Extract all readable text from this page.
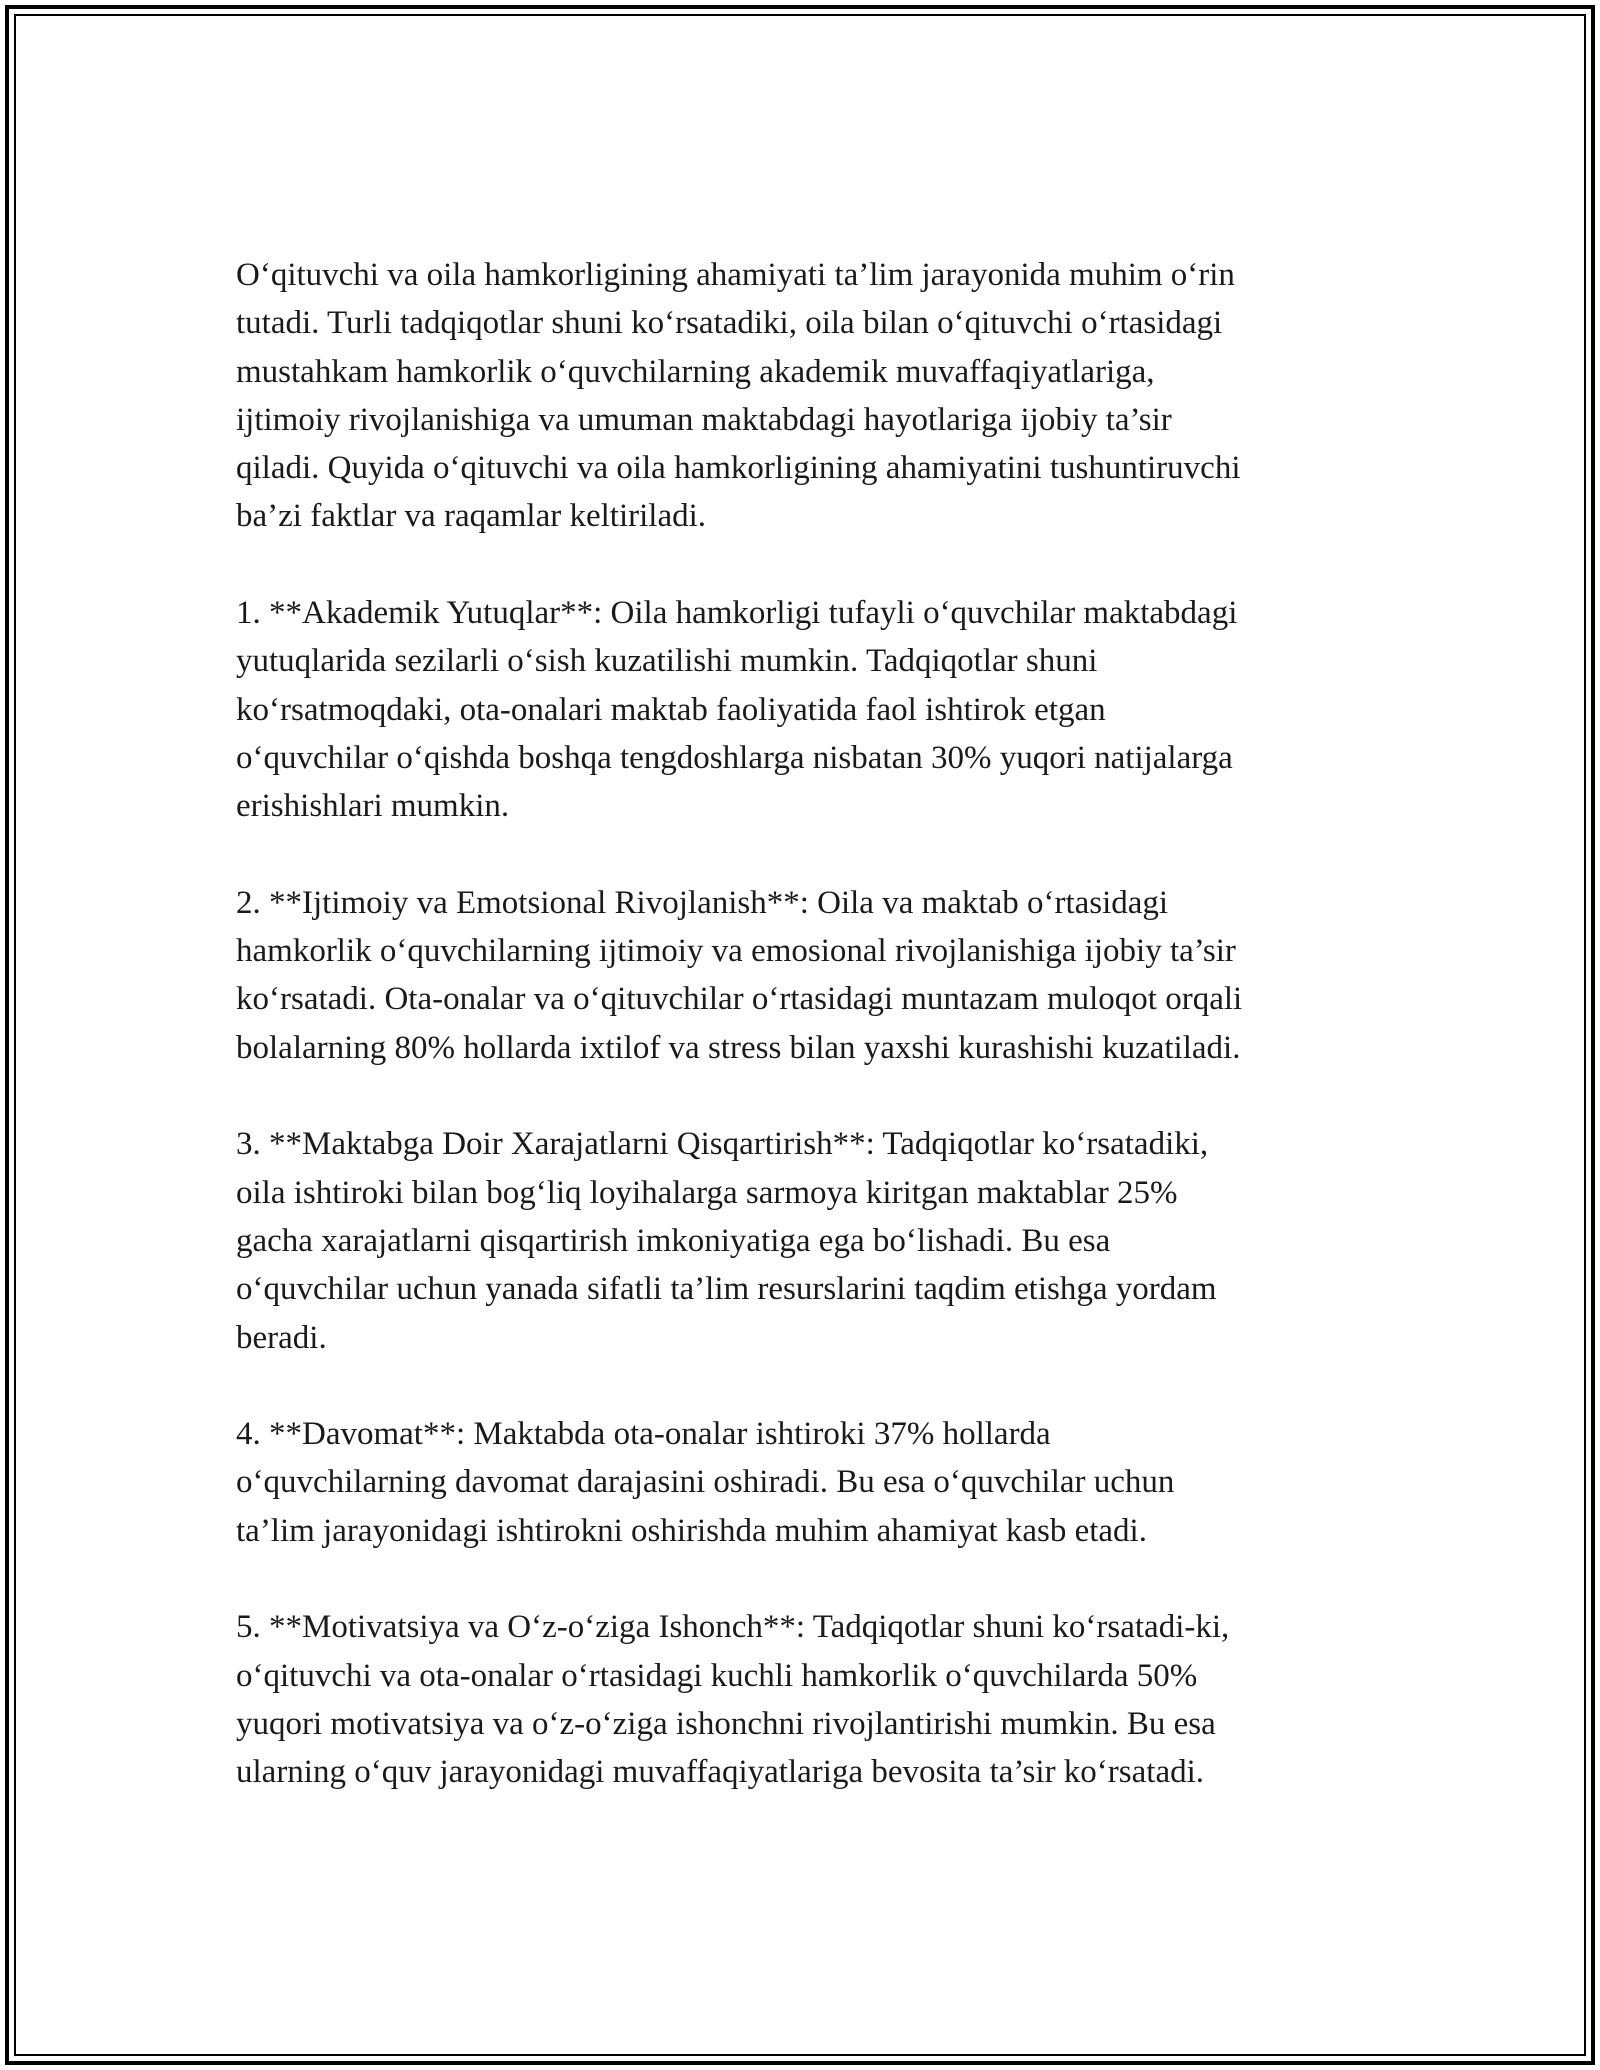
O‘qituvchi va oila hamkorligining ahamiyati ta’lim jarayonida muhim o‘rin
tutadi. Turli tadqiqotlar shuni ko‘rsatadiki, oila bilan o‘qituvchi o‘rtasidagi
mustahkam hamkorlik o‘quvchilarning akademik muvaffaqiyatlariga,
ijtimoiy rivojlanishiga va umuman maktabdagi hayotlariga ijobiy ta’sir
qiladi. Quyida o‘qituvchi va oila hamkorligining ahamiyatini tushuntiruvchi
ba’zi faktlar va raqamlar keltiriladi.

1. **Akademik Yutuqlar**: Oila hamkorligi tufayli o‘quvchilar maktabdagi
yutuqlarida sezilarli o‘sish kuzatilishi mumkin. Tadqiqotlar shuni
ko‘rsatmoqdaki, ota-onalari maktab faoliyatida faol ishtirok etgan
o‘quvchilar o‘qishda boshqa tengdoshlarga nisbatan 30% yuqori natijalarga
erishishlari mumkin.

2. **Ijtimoiy va Emotsional Rivojlanish**: Oila va maktab o‘rtasidagi
hamkorlik o‘quvchilarning ijtimoiy va emosional rivojlanishiga ijobiy ta’sir
ko‘rsatadi. Ota-onalar va o‘qituvchilar o‘rtasidagi muntazam muloqot orqali
bolalarning 80% hollarda ixtilof va stress bilan yaxshi kurashishi kuzatiladi.

3. **Maktabga Doir Xarajatlarni Qisqartirish**: Tadqiqotlar ko‘rsatadiki,
oila ishtiroki bilan bog‘liq loyihalarga sarmoya kiritgan maktablar 25%
gacha xarajatlarni qisqartirish imkoniyatiga ega bo‘lishadi. Bu esa
o‘quvchilar uchun yanada sifatli ta’lim resurslarini taqdim etishga yordam
beradi.

4. **Davomat**: Maktabda ota-onalar ishtiroki 37% hollarda
o‘quvchilarning davomat darajasini oshiradi. Bu esa o‘quvchilar uchun
ta’lim jarayonidagi ishtirokni oshirishda muhim ahamiyat kasb etadi.

5. **Motivatsiya va O‘z-o‘ziga Ishonch**: Tadqiqotlar shuni ko‘rsatadi-ki,
o‘qituvchi va ota-onalar o‘rtasidagi kuchli hamkorlik o‘quvchilarda 50%
yuqori motivatsiya va o‘z-o‘ziga ishonchni rivojlantirishi mumkin. Bu esa
ularning o‘quv jarayonidagi muvaffaqiyatlariga bevosita ta’sir ko‘rsatadi.
